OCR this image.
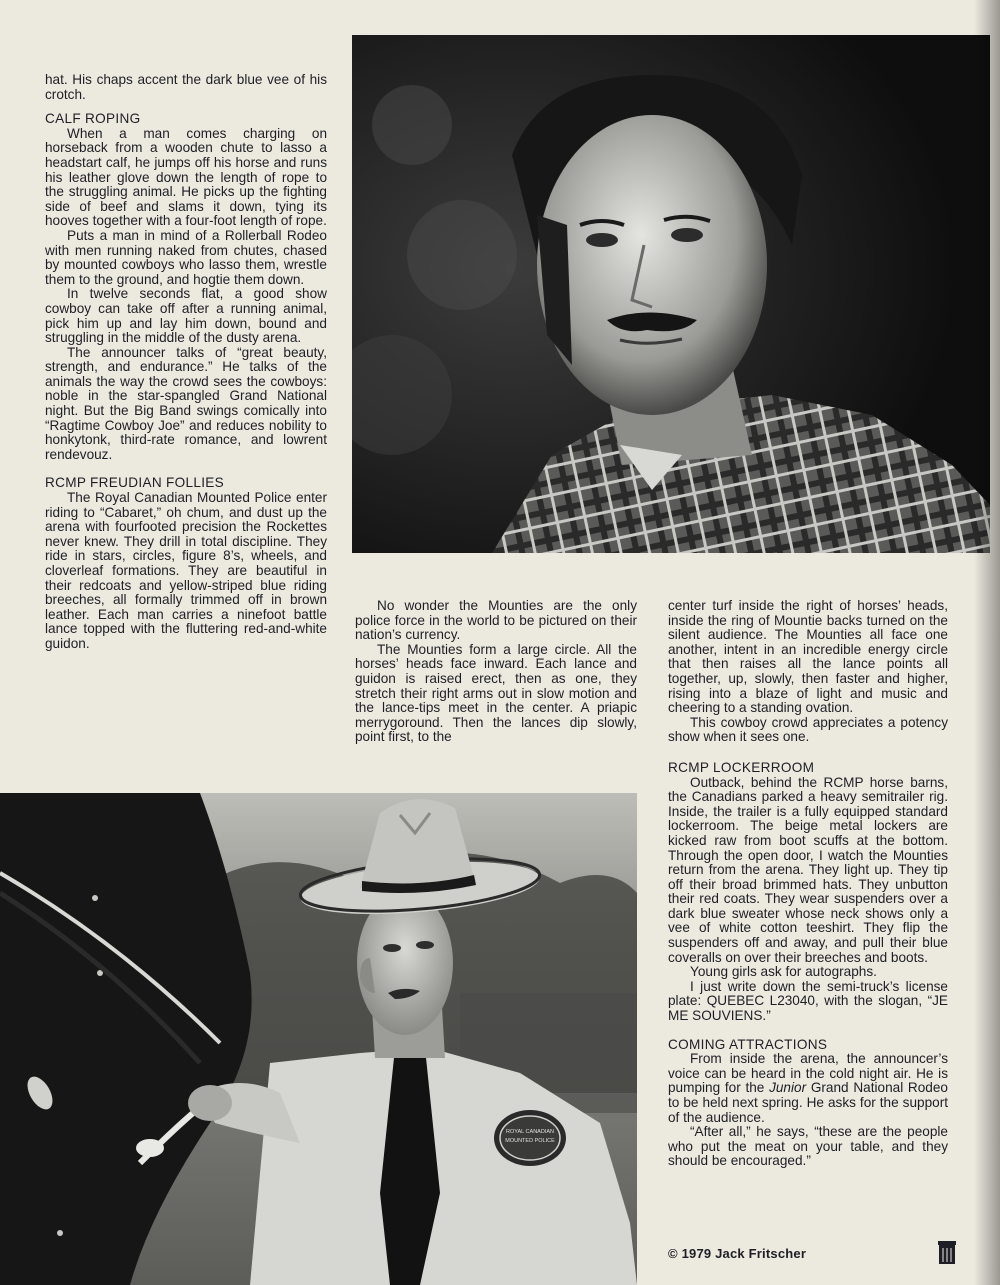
hat. His chaps accent the dark blue vee of his crotch.

CALF ROPING

When a man comes charging on horseback from a wooden chute to lasso a headstart calf, he jumps off his horse and runs his leather glove down the length of rope to the struggling animal. He picks up the fighting side of beef and slams it down, tying its hooves together with a four-foot length of rope.

Puts a man in mind of a Rollerball Rodeo with men running naked from chutes, chased by mounted cowboys who lasso them, wrestle them to the ground, and hogtie them down.

In twelve seconds flat, a good show cowboy can take off after a running animal, pick him up and lay him down, bound and struggling in the middle of the dusty arena.

The announcer talks of “great beauty, strength, and endurance.” He talks of the animals the way the crowd sees the cowboys: noble in the star-spangled Grand National night. But the Big Band swings comically into “Ragtime Cowboy Joe” and reduces nobility to honkytonk, third-rate romance, and lowrent rendevouz.

RCMP FREUDIAN FOLLIES

The Royal Canadian Mounted Police enter riding to “Cabaret,” oh chum, and dust up the arena with fourfooted precision the Rockettes never knew. They drill in total discipline. They ride in stars, circles, figure 8’s, wheels, and cloverleaf formations. They are beautiful in their redcoats and yellow-striped blue riding breeches, all formally trimmed off in brown leather. Each man carries a ninefoot battle lance topped with the fluttering red-and-white guidon.

No wonder the Mounties are the only police force in the world to be pictured on their nation’s currency.

The Mounties form a large circle. All the horses’ heads face inward. Each lance and guidon is raised erect, then as one, they stretch their right arms out in slow motion and the lance-tips meet in the center. A priapic merrygoround. Then the lances dip slowly, point first, to the

center turf inside the right of horses’ heads, inside the ring of Mountie backs turned on the silent audience. The Mounties all face one another, intent in an incredible energy circle that then raises all the lance points all together, up, slowly, then faster and higher, rising into a blaze of light and music and cheering to a standing ovation.

This cowboy crowd appreciates a potency show when it sees one.

RCMP LOCKERROOM

Outback, behind the RCMP horse barns, the Canadians parked a heavy semitrailer rig. Inside, the trailer is a fully equipped standard lockerroom. The beige metal lockers are kicked raw from boot scuffs at the bottom. Through the open door, I watch the Mounties return from the arena. They light up. They tip off their broad brimmed hats. They unbutton their red coats. They wear suspenders over a dark blue sweater whose neck shows only a vee of white cotton teeshirt. They flip the suspenders off and away, and pull their blue coveralls on over their breeches and boots.

Young girls ask for autographs.

I just write down the semi-truck’s license plate: QUEBEC L23040, with the slogan, “JE ME SOUVIENS.”

COMING ATTRACTIONS

From inside the arena, the announcer’s voice can be heard in the cold night air. He is pumping for the Junior Grand National Rodeo to be held next spring. He asks for the support of the audience.

“After all,” he says, “these are the people who put the meat on your table, and they should be encouraged.”

ROYAL CANADIAN
MOUNTED POLICE
© 1979 Jack Fritscher
